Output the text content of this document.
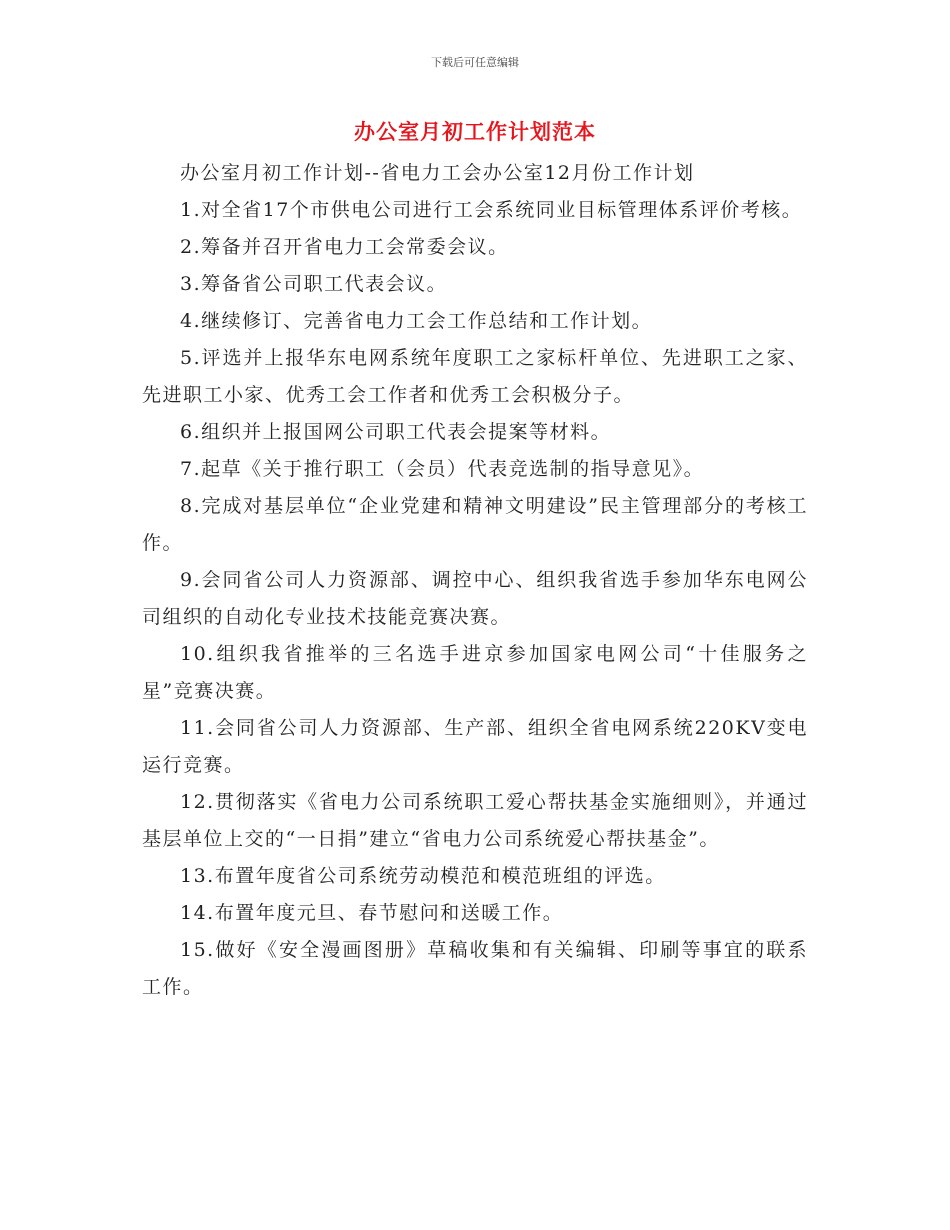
下载后可任意编辑
办公室月初工作计划范本

办公室月初工作计划--省电力工会办公室12月份工作计划

1.对全省17个市供电公司进行工会系统同业目标管理体系评价考核。

2.筹备并召开省电力工会常委会议。

3.筹备省公司职工代表会议。

4.继续修订、完善省电力工会工作总结和工作计划。

5.评选并上报华东电网系统年度职工之家标杆单位、先进职工之家、先进职工小家、优秀工会工作者和优秀工会积极分子。

6.组织并上报国网公司职工代表会提案等材料。

7.起草《关于推行职工（会员）代表竞选制的指导意见》。

8.完成对基层单位“企业党建和精神文明建设”民主管理部分的考核工作。

9.会同省公司人力资源部、调控中心、组织我省选手参加华东电网公司组织的自动化专业技术技能竞赛决赛。

10.组织我省推举的三名选手进京参加国家电网公司“十佳服务之星”竞赛决赛。

11.会同省公司人力资源部、生产部、组织全省电网系统220KV变电运行竞赛。

12.贯彻落实《省电力公司系统职工爱心帮扶基金实施细则》，并通过基层单位上交的“一日捐”建立“省电力公司系统爱心帮扶基金”。

13.布置年度省公司系统劳动模范和模范班组的评选。

14.布置年度元旦、春节慰问和送暖工作。

15.做好《安全漫画图册》草稿收集和有关编辑、印刷等事宜的联系工作。
